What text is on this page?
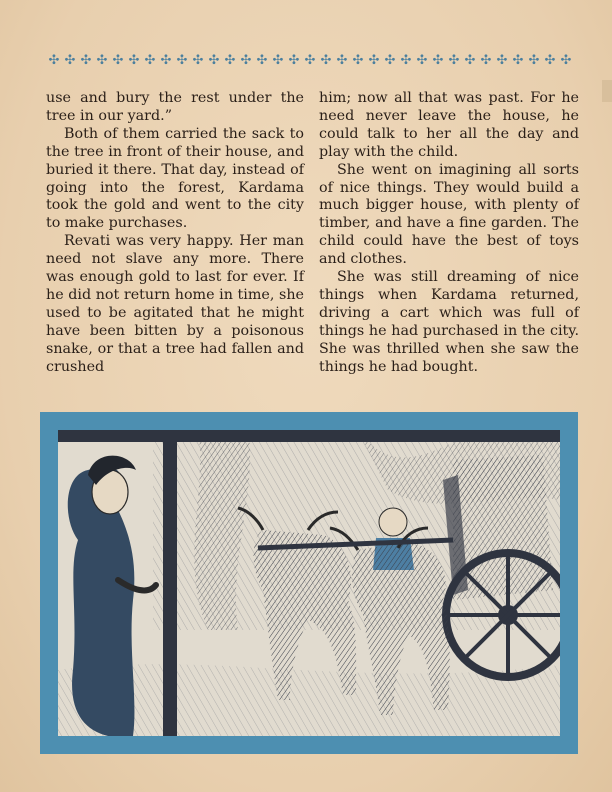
✣ ✣ ✣ ✣ ✣ ✣ ✣ ✣ ✣ ✣ ✣ ✣ ✣ ✣ ✣ ✣ ✣ ✣ ✣ ✣ ✣ ✣ ✣ ✣ ✣ ✣ ✣ ✣ ✣ ✣ ✣ ✣ ✣

use and bury the rest under the tree in our yard.”

Both of them carried the sack to the tree in front of their house, and buried it there. That day, instead of going into the forest, Kardama took the gold and went to the city to make purchases.

Revati was very happy. Her man need not slave any more. There was enough gold to last for ever. If he did not return home in time, she used to be agitated that he might have been bitten by a poisonous snake, or that a tree had fallen and crushed

him; now all that was past. For he need never leave the house, he could talk to her all the day and play with the child.

She went on imagining all sorts of nice things. They would build a much bigger house, with plenty of timber, and have a fine garden. The child could have the best of toys and clothes.

She was still dreaming of nice things when Kardama returned, driving a cart which was full of things he had purchased in the city. She was thrilled when she saw the things he had bought.
